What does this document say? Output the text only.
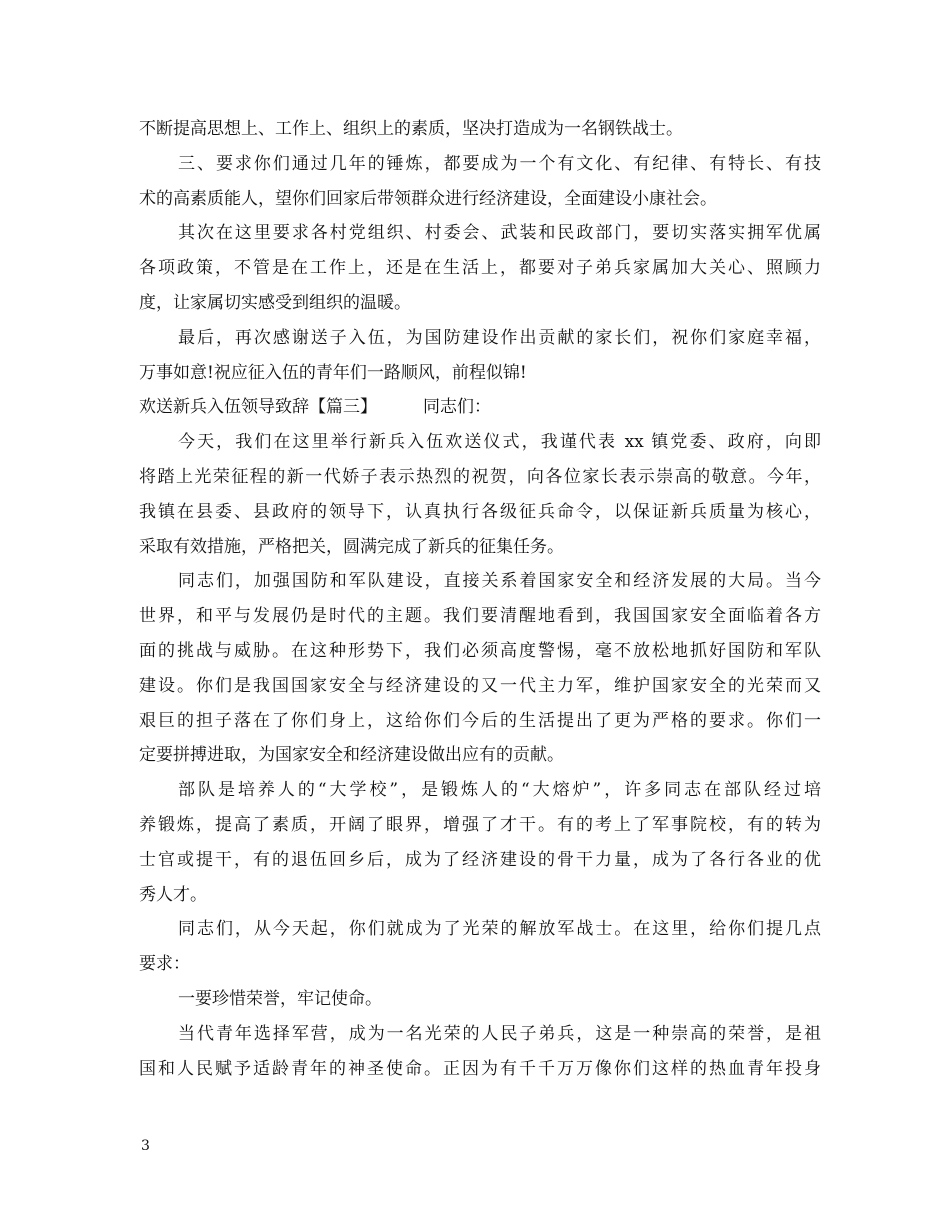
不断提高思想上、工作上、组织上的素质，坚决打造成为一名钢铁战士。
三、要求你们通过几年的锤炼，都要成为一个有文化、有纪律、有特长、有技
术的高素质能人，望你们回家后带领群众进行经济建设，全面建设小康社会。
其次在这里要求各村党组织、村委会、武装和民政部门，要切实落实拥军优属
各项政策，不管是在工作上，还是在生活上，都要对子弟兵家属加大关心、照顾力
度，让家属切实感受到组织的温暖。
最后，再次感谢送子入伍，为国防建设作出贡献的家长们，祝你们家庭幸福，
万事如意!祝应征入伍的青年们一路顺风，前程似锦!
欢送新兵入伍领导致辞【篇三】	同志们：
今天，我们在这里举行新兵入伍欢送仪式，我谨代表 xx 镇党委、政府，向即
将踏上光荣征程的新一代娇子表示热烈的祝贺，向各位家长表示崇高的敬意。今年，
我镇在县委、县政府的领导下，认真执行各级征兵命令，以保证新兵质量为核心，
采取有效措施，严格把关，圆满完成了新兵的征集任务。
同志们，加强国防和军队建设，直接关系着国家安全和经济发展的大局。当今
世界，和平与发展仍是时代的主题。我们要清醒地看到，我国国家安全面临着各方
面的挑战与威胁。在这种形势下，我们必须高度警惕，毫不放松地抓好国防和军队
建设。你们是我国国家安全与经济建设的又一代主力军，维护国家安全的光荣而又
艰巨的担子落在了你们身上，这给你们今后的生活提出了更为严格的要求。你们一
定要拼搏进取，为国家安全和经济建设做出应有的贡献。
部队是培养人的“大学校”，是锻炼人的“大熔炉”，许多同志在部队经过培
养锻炼，提高了素质，开阔了眼界，增强了才干。有的考上了军事院校，有的转为
士官或提干，有的退伍回乡后，成为了经济建设的骨干力量，成为了各行各业的优
秀人才。
同志们，从今天起，你们就成为了光荣的解放军战士。在这里，给你们提几点
要求：
一要珍惜荣誉，牢记使命。
当代青年选择军营，成为一名光荣的人民子弟兵，这是一种崇高的荣誉，是祖
国和人民赋予适龄青年的神圣使命。正因为有千千万万像你们这样的热血青年投身
3
